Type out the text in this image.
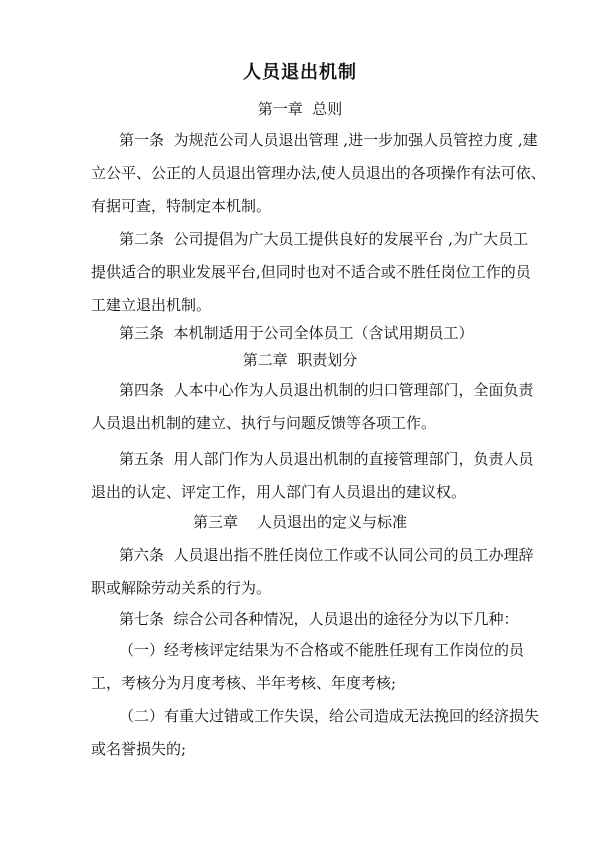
人员退出机制
第一章  总则
第一条  为规范公司人员退出管理 ,进一步加强人员管控力度 ,建
立公平、公正的人员退出管理办法,使人员退出的各项操作有法可依、
有据可查，特制定本机制。
第二条  公司提倡为广大员工提供良好的发展平台 ,为广大员工
提供适合的职业发展平台,但同时也对不适合或不胜任岗位工作的员
工建立退出机制。
第三条  本机制适用于公司全体员工（含试用期员工）
第二章  职责划分
第四条  人本中心作为人员退出机制的归口管理部门，全面负责
人员退出机制的建立、执行与问题反馈等各项工作。
第五条  用人部门作为人员退出机制的直接管理部门，负责人员
退出的认定、评定工作，用人部门有人员退出的建议权。
第三章    人员退出的定义与标准
第六条  人员退出指不胜任岗位工作或不认同公司的员工办理辞
职或解除劳动关系的行为。
第七条  综合公司各种情况，人员退出的途径分为以下几种：
（一）经考核评定结果为不合格或不能胜任现有工作岗位的员
工，考核分为月度考核、半年考核、年度考核;
（二）有重大过错或工作失误，给公司造成无法挽回的经济损失
或名誉损失的;
